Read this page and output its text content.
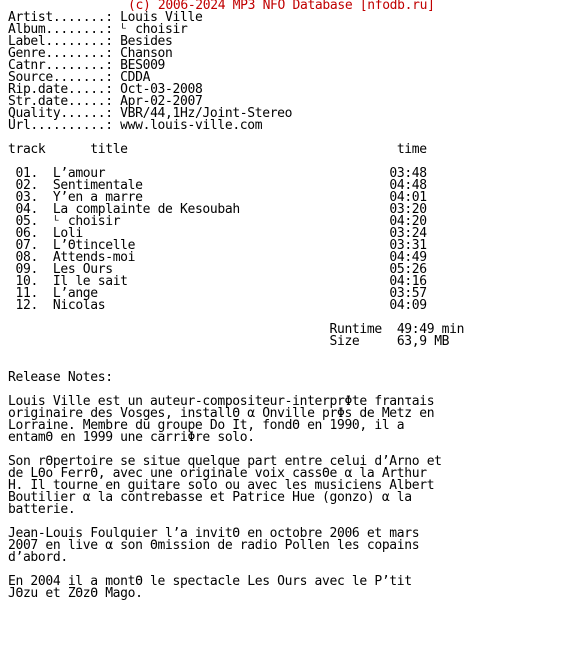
(c) 2006-2024 MP3 NFO Database [nfodb.ru]
Artist.......: Louis Ville
Album........: ᴸ choisir
Label........: Besides
Genre........: Chanson
Catnr........: BES009
Source.......: CDDA
Rip.date.....: Oct-03-2008
Str.date.....: Apr-02-2007
Quality......: VBR/44,1Hz/Joint-Stereo
Url..........: www.louis-ville.com

track	title	time

01. L’amour	03:48
02. Sentimentale	04:48
03. Y’en a marre	04:01
04. La complainte de Kesoubah	03:20
05. ᴸ choisir	04:20
06. Loli	03:24
07. L’Θtincelle	03:31
08. Attends-moi	04:49
09. Les Ours	05:26
10. Il le sait	04:16
11. L’ange	03:57
12. Nicolas	04:09

Runtime 49:49 min
Size	63,9 MB

Release Notes:

Louis Ville est un auteur-compositeur-interprΦte franτais
originaire des Vosges, installΘ α Onville prΦs de Metz en
Lorraine. Membre du groupe Do It, fondΘ en 1990, il a
entamΘ en 1999 une carriΦre solo.

Son rΘpertoire se situe quelque part entre celui d’Arno et
de LΘo FerrΘ, avec une originale voix cassΘe α la Arthur
H. Il tourne en guitare solo ou avec les musiciens Albert
Boutilier α la contrebasse et Patrice Hue (gonzo) α la
batterie.

Jean-Louis Foulquier l’a invitΘ en octobre 2006 et mars
2007 en live α son Θmission de radio Pollen les copains
d’abord.

En 2004 il a montΘ le spectacle Les Ours avec le P’tit
JΘzu et ZΘzΘ Mago.
